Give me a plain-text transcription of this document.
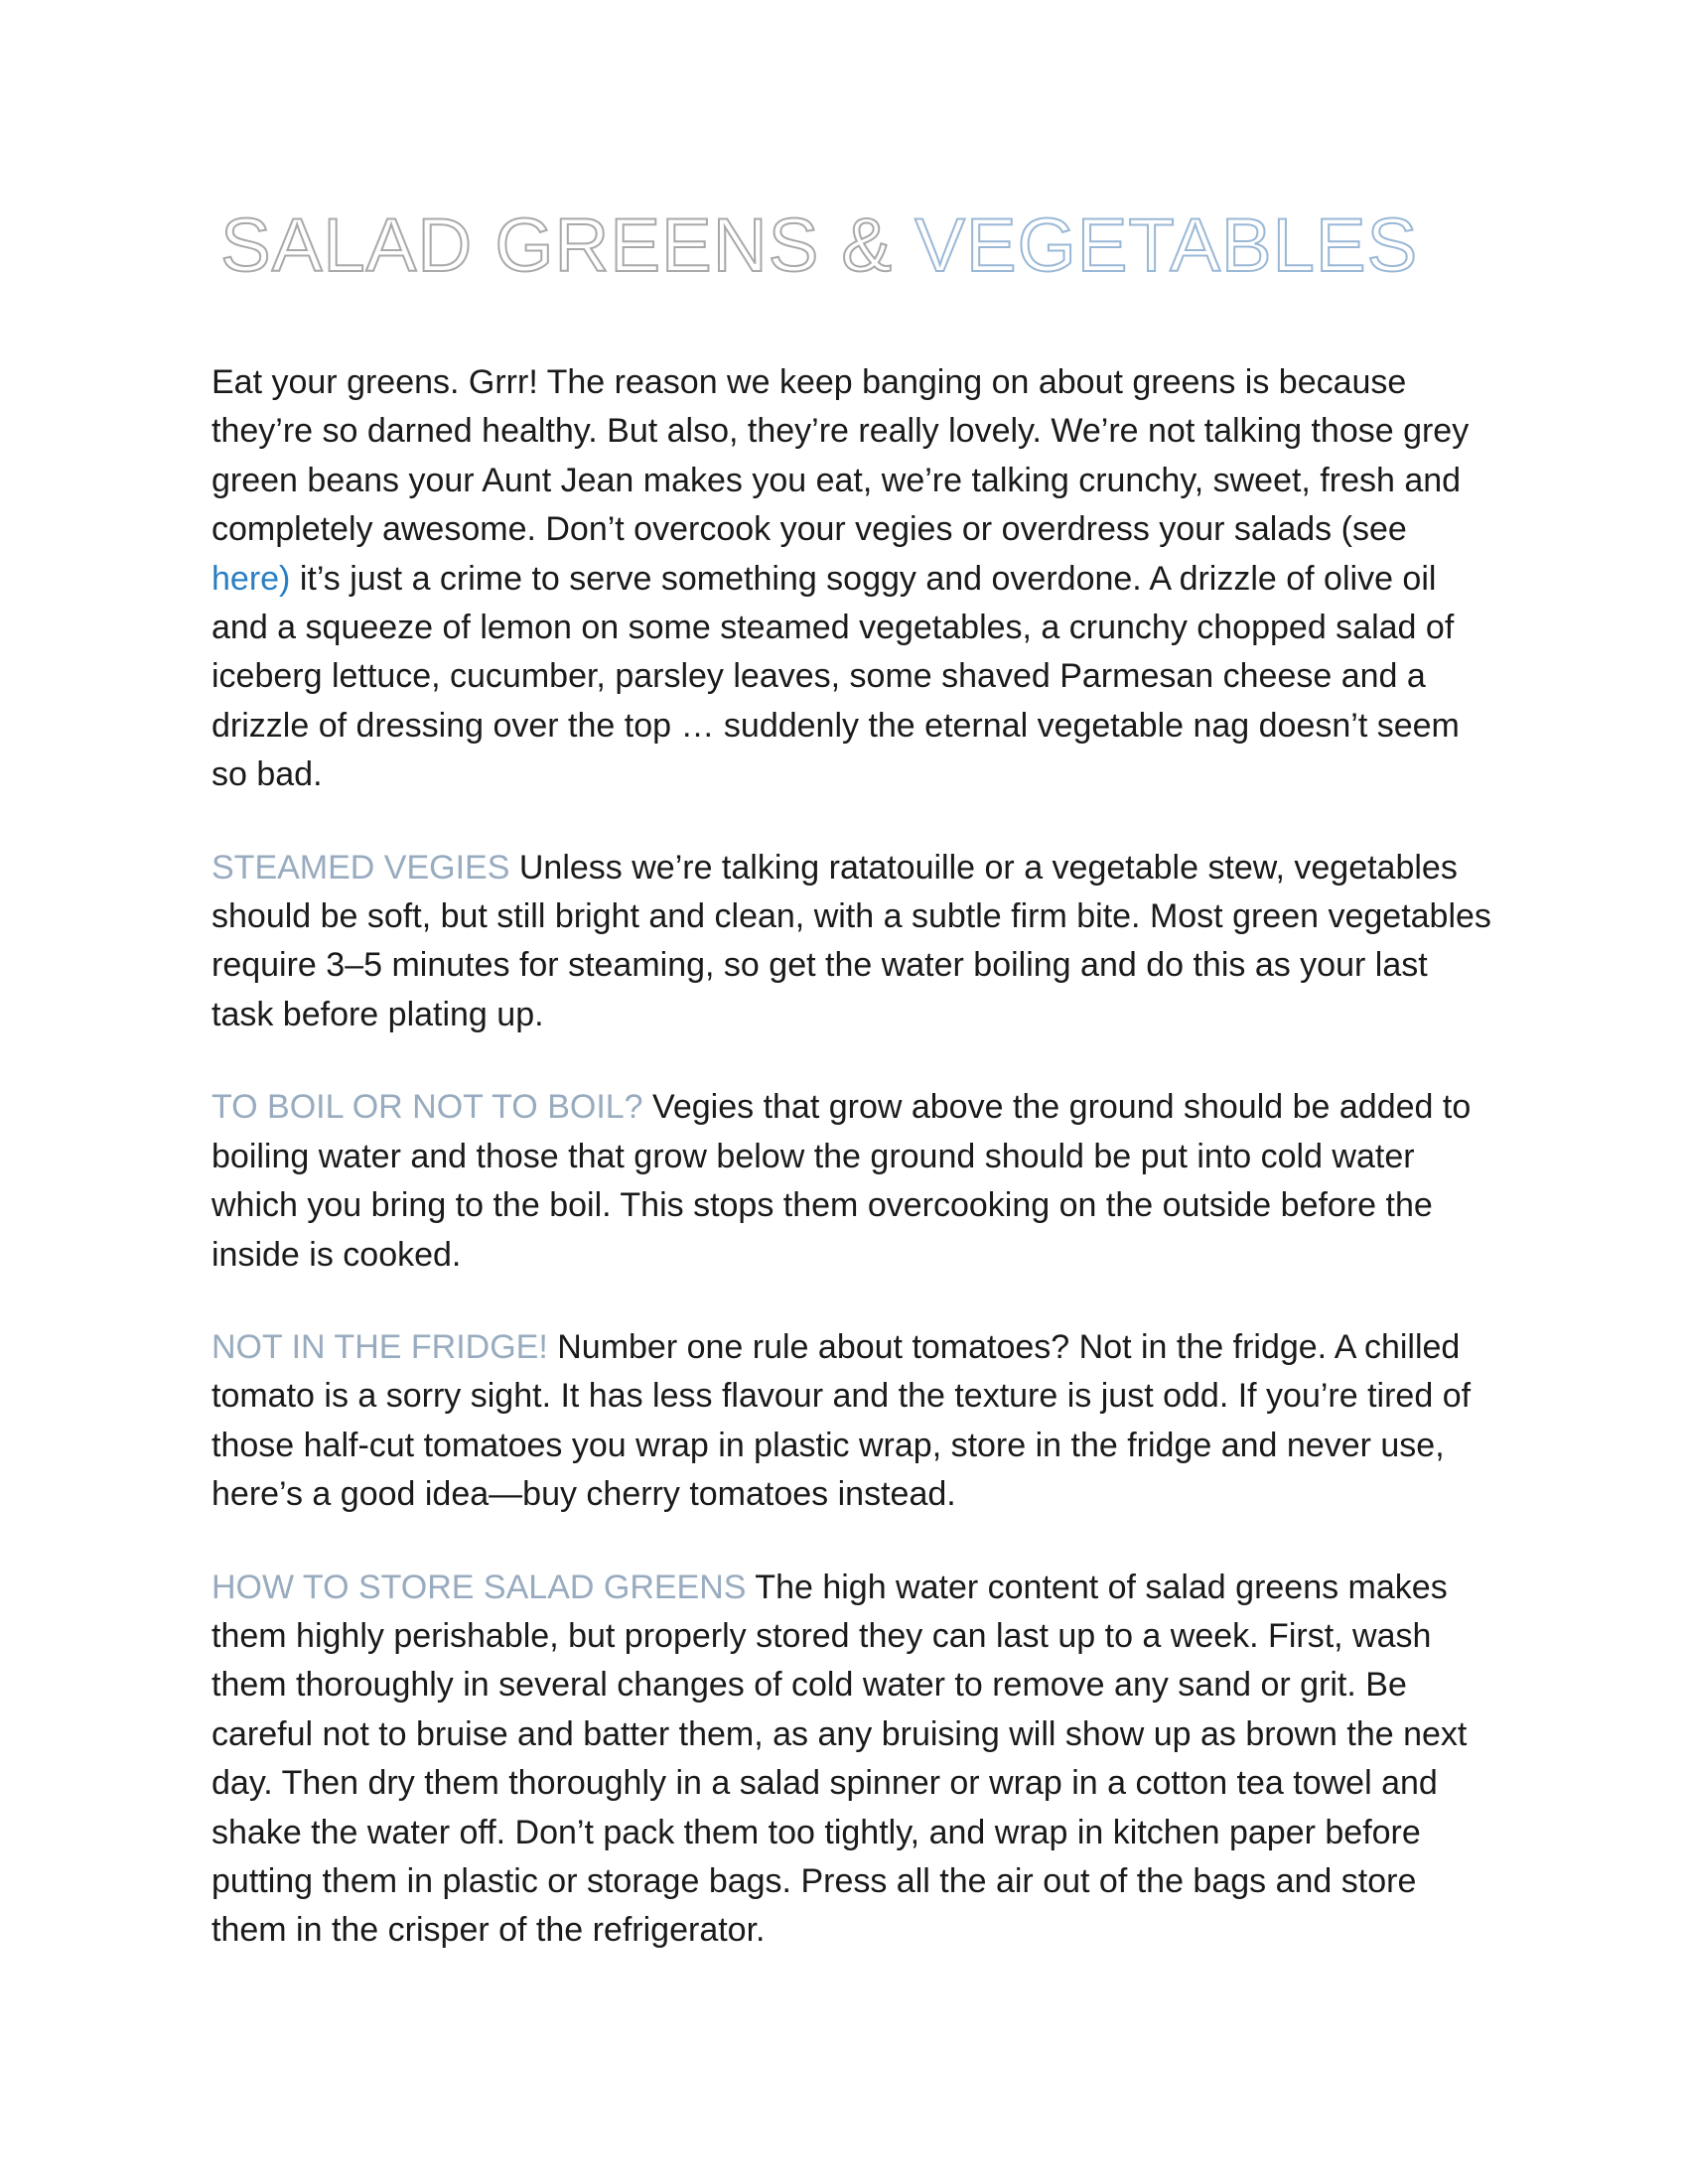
SALAD GREENS & VEGETABLES

Eat your greens. Grrr! The reason we keep banging on about greens is because they’re so darned healthy. But also, they’re really lovely. We’re not talking those grey green beans your Aunt Jean makes you eat, we’re talking crunchy, sweet, fresh and completely awesome. Don’t overcook your vegies or overdress your salads (see here) it’s just a crime to serve something soggy and overdone. A drizzle of olive oil and a squeeze of lemon on some steamed vegetables, a crunchy chopped salad of iceberg lettuce, cucumber, parsley leaves, some shaved Parmesan cheese and a drizzle of dressing over the top … suddenly the eternal vegetable nag doesn’t seem so bad.

STEAMED VEGIES Unless we’re talking ratatouille or a vegetable stew, vegetables should be soft, but still bright and clean, with a subtle firm bite. Most green vegetables require 3–5 minutes for steaming, so get the water boiling and do this as your last task before plating up.

TO BOIL OR NOT TO BOIL? Vegies that grow above the ground should be added to boiling water and those that grow below the ground should be put into cold water which you bring to the boil. This stops them overcooking on the outside before the inside is cooked.

NOT IN THE FRIDGE! Number one rule about tomatoes? Not in the fridge. A chilled tomato is a sorry sight. It has less flavour and the texture is just odd. If you’re tired of those half-cut tomatoes you wrap in plastic wrap, store in the fridge and never use, here’s a good idea—buy cherry tomatoes instead.

HOW TO STORE SALAD GREENS The high water content of salad greens makes them highly perishable, but properly stored they can last up to a week. First, wash them thoroughly in several changes of cold water to remove any sand or grit. Be careful not to bruise and batter them, as any bruising will show up as brown the next day. Then dry them thoroughly in a salad spinner or wrap in a cotton tea towel and shake the water off. Don’t pack them too tightly, and wrap in kitchen paper before putting them in plastic or storage bags. Press all the air out of the bags and store them in the crisper of the refrigerator.
